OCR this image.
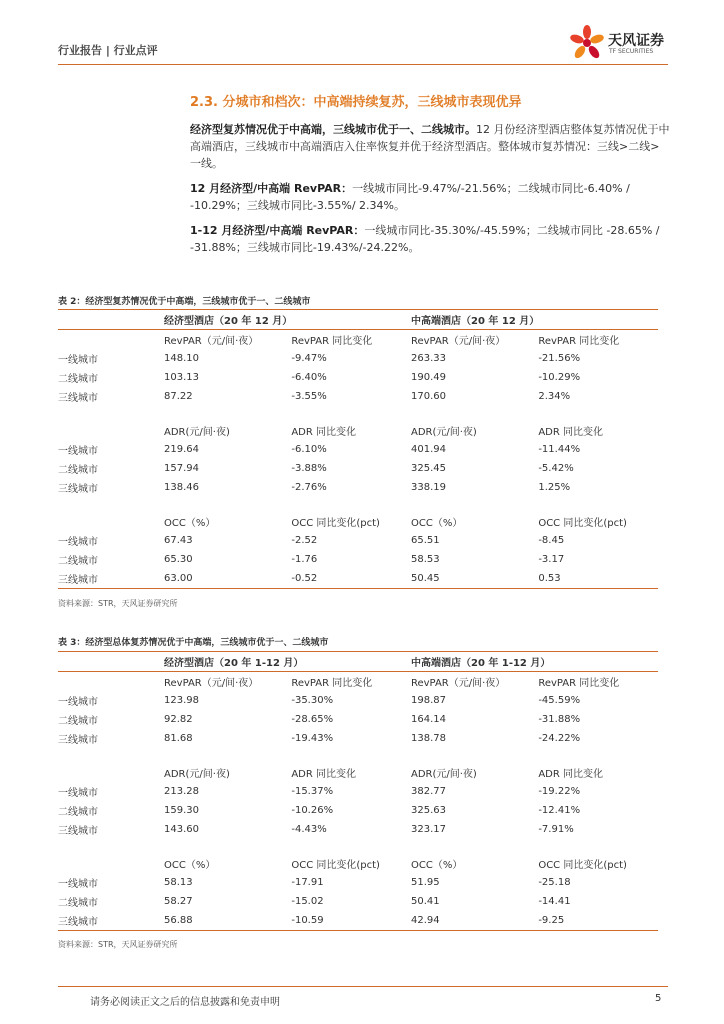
行业报告 | 行业点评
天风证券
TF SECURITIES
2.3. 分城市和档次：中高端持续复苏，三线城市表现优异
经济型复苏情况优于中高端，三线城市优于一、二线城市。12 月份经济型酒店整体复苏情况优于中高端酒店，三线城市中高端酒店入住率恢复并优于经济型酒店。整体城市复苏情况：三线>二线>一线。
12 月经济型/中高端 RevPAR：一线城市同比-9.47%/-21.56%；二线城市同比-6.40% / -10.29%；三线城市同比-3.55%/ 2.34%。
1-12 月经济型/中高端 RevPAR：一线城市同比-35.30%/-45.59%；二线城市同比 -28.65% / -31.88%；三线城市同比-19.43%/-24.22%。
表 2：经济型复苏情况优于中高端，三线城市优于一、二线城市
	经济型酒店（20 年 12 月）		中高端酒店（20 年 12 月）	
	RevPAR（元/间·夜）	RevPAR 同比变化	RevPAR（元/间·夜）	RevPAR 同比变化
一线城市	148.10	-9.47%	263.33	-21.56%
二线城市	103.13	-6.40%	190.49	-10.29%
三线城市	87.22	-3.55%	170.60	2.34%

	ADR(元/间·夜)	ADR 同比变化	ADR(元/间·夜)	ADR 同比变化
一线城市	219.64	-6.10%	401.94	-11.44%
二线城市	157.94	-3.88%	325.45	-5.42%
三线城市	138.46	-2.76%	338.19	1.25%

	OCC（%）	OCC 同比变化(pct)	OCC（%）	OCC 同比变化(pct)
一线城市	67.43	-2.52	65.51	-8.45
二线城市	65.30	-1.76	58.53	-3.17
三线城市	63.00	-0.52	50.45	0.53
资料来源：STR，天风证券研究所
表 3：经济型总体复苏情况优于中高端，三线城市优于一、二线城市
	经济型酒店（20 年 1-12 月）		中高端酒店（20 年 1-12 月）	
	RevPAR（元/间·夜）	RevPAR 同比变化	RevPAR（元/间·夜）	RevPAR 同比变化
一线城市	123.98	-35.30%	198.87	-45.59%
二线城市	92.82	-28.65%	164.14	-31.88%
三线城市	81.68	-19.43%	138.78	-24.22%

	ADR(元/间·夜)	ADR 同比变化	ADR(元/间·夜)	ADR 同比变化
一线城市	213.28	-15.37%	382.77	-19.22%
二线城市	159.30	-10.26%	325.63	-12.41%
三线城市	143.60	-4.43%	323.17	-7.91%

	OCC（%）	OCC 同比变化(pct)	OCC（%）	OCC 同比变化(pct)
一线城市	58.13	-17.91	51.95	-25.18
二线城市	58.27	-15.02	50.41	-14.41
三线城市	56.88	-10.59	42.94	-9.25
资料来源：STR，天风证券研究所
请务必阅读正文之后的信息披露和免责申明	5
